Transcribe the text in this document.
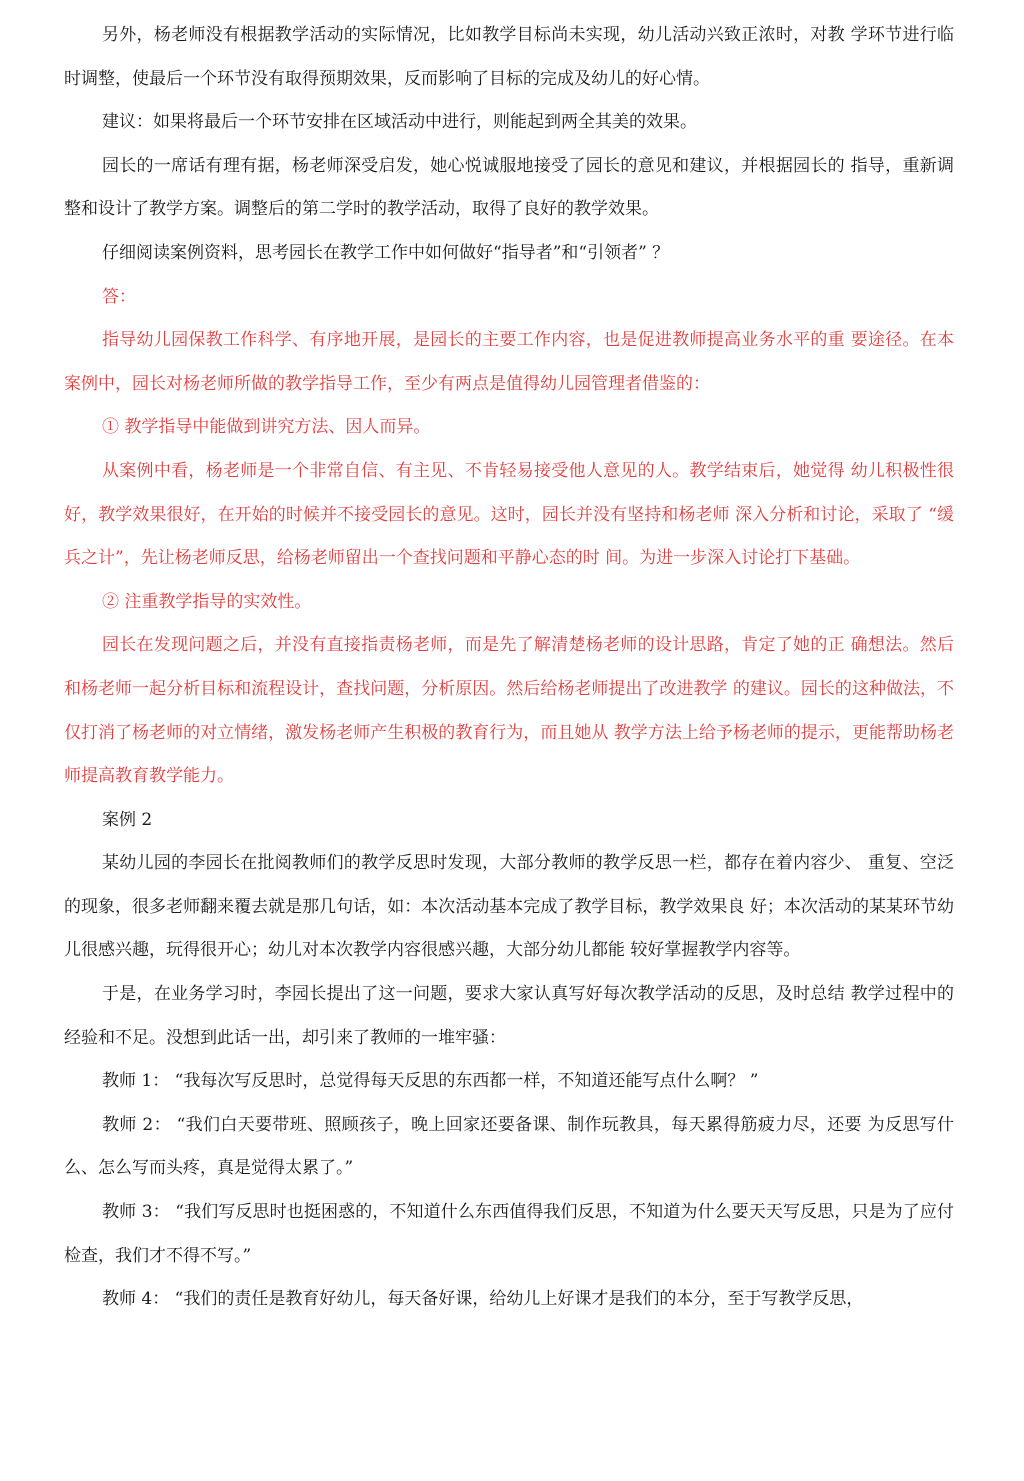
另外，杨老师没有根据教学活动的实际情况，比如教学目标尚未实现，幼儿活动兴致正浓时，对教 学环节进行临时调整，使最后一个环节没有取得预期效果，反而影响了目标的完成及幼儿的好心情。

建议：如果将最后一个环节安排在区域活动中进行，则能起到两全其美的效果。

园长的一席话有理有据，杨老师深受启发，她心悦诚服地接受了园长的意见和建议，并根据园长的 指导，重新调整和设计了教学方案。调整后的第二学时的教学活动，取得了良好的教学效果。

仔细阅读案例资料，思考园长在教学工作中如何做好“指导者”和“引领者” ？

答：

指导幼儿园保教工作科学、有序地开展，是园长的主要工作内容，也是促进教师提高业务水平的重 要途径。在本案例中，园长对杨老师所做的教学指导工作，至少有两点是值得幼儿园管理者借鉴的：

① 教学指导中能做到讲究方法、因人而异。

从案例中看，杨老师是一个非常自信、有主见、不肯轻易接受他人意见的人。教学结束后，她觉得 幼儿积极性很好，教学效果很好，在开始的时候并不接受园长的意见。这时，园长并没有坚持和杨老师 深入分析和讨论，采取了 “缓兵之计”，先让杨老师反思，给杨老师留出一个查找问题和平静心态的时 间。为进一步深入讨论打下基础。

② 注重教学指导的实效性。

园长在发现问题之后，并没有直接指责杨老师，而是先了解清楚杨老师的设计思路，肯定了她的正 确想法。然后和杨老师一起分析目标和流程设计，查找问题，分析原因。然后给杨老师提出了改进教学 的建议。园长的这种做法，不仅打消了杨老师的对立情绪，激发杨老师产生积极的教育行为，而且她从 教学方法上给予杨老师的提示，更能帮助杨老师提高教育教学能力。

案例 2

某幼儿园的李园长在批阅教师们的教学反思时发现，大部分教师的教学反思一栏，都存在着内容少、 重复、空泛的现象，很多老师翻来覆去就是那几句话，如：本次活动基本完成了教学目标，教学效果良 好；本次活动的某某环节幼儿很感兴趣，玩得很开心；幼儿对本次教学内容很感兴趣，大部分幼儿都能 较好掌握教学内容等。

于是，在业务学习时，李园长提出了这一问题，要求大家认真写好每次教学活动的反思，及时总结 教学过程中的经验和不足。没想到此话一出，却引来了教师的一堆牢骚：

教师 1： “我每次写反思时，总觉得每天反思的东西都一样，不知道还能写点什么啊？ ”

教师 2： “我们白天要带班、照顾孩子，晚上回家还要备课、制作玩教具，每天累得筋疲力尽，还要 为反思写什么、怎么写而头疼，真是觉得太累了。”

教师 3： “我们写反思时也挺困惑的，不知道什么东西值得我们反思，不知道为什么要天天写反思，只是为了应付检查，我们才不得不写。”

教师 4： “我们的责任是教育好幼儿，每天备好课，给幼儿上好课才是我们的本分，至于写教学反思，
